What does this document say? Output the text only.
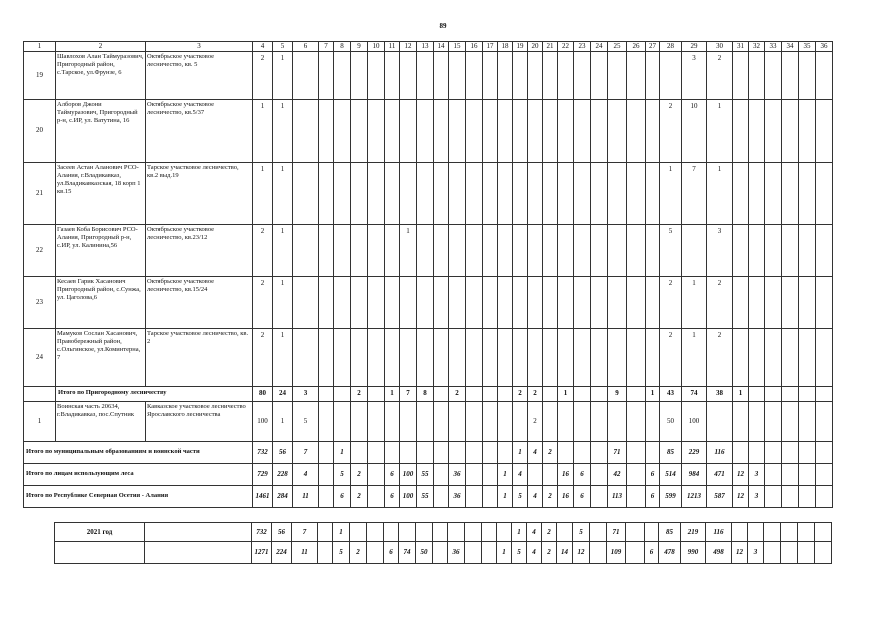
89
1	2	3	4	5	6	7	8	9	10	11	12	13	14	15	16	17	18	19	20	21	22	23	24	25	26	27	28	29	30	31	32	33	34	35	36
19	Шавлохов Алан Таймуразович, Пригородный район, с.Тарское, ул.Фрунзе, 6	Октябрьское участковое лесничество, кв. 5	2	1																								3	2						
20	Алборов Джони Таймуразович, Пригородный р-н, с.ИР, ул. Ватутина, 16	Октябрьское участковое лесничество, кв.5/37	1	1																							2	10	1						
21	Засеев Астан Аланович РСО-Алания, г.Владикавказ, ул.Владикавказская, 18 корп 1 кв.15	Тарское участковое лесничество, кв.2 выд.19	1	1																							1	7	1						
22	Газаев Коба Борисович РСО-Алания, Пригородный р-н, с.ИР, ул. Калинина,56	Октябрьское участковое лесничество, кв.23/12	2	1							1																5		3						
23	Кесаев Гарик Хасанович Пригородный район, с.Сунжа, ул. Цаголова,6	Октябрьское участковое лесничество, кв.15/24	2	1																							2	1	2						
24	Мамуков Сослан Хасанович, Правобережный район, с.Ольгинское, ул.Коминтерна, 7	Тарское участковое лесничество, кв. 2	2	1																							2	1	2						
	Итого по Пригородному лесничеству		80	24	3			2		1	7	8		2				2	2		1			9		1	43	74	38	1					
1	Воинская часть 20634, г.Владикавказ, пос.Спутник	Кавказское участковое лесничество Ярославского лесничества	100	1	5														2								50	100							
Итого по муниципальным образованиям и воинской части			732	56	7		1											1	4	2				71			85	229	116						
Итого по лицам использующим леса			729	228	4		5	2		6	100	55		36			1	4			16	6		42		6	514	984	471	12	3				
Итого по Республике Северная Осетия - Алания			1461	284	11		6	2		6	100	55		36			1	5	4	2	16	6		113		6	599	1213	587	12	3				
2021 год		732	56	7		1											1	4	2		5		71			85	219	116						
		1271	224	11		5	2		6	74	50		36			1	5	4	2	14	12		109		6	478	990	498	12	3				
